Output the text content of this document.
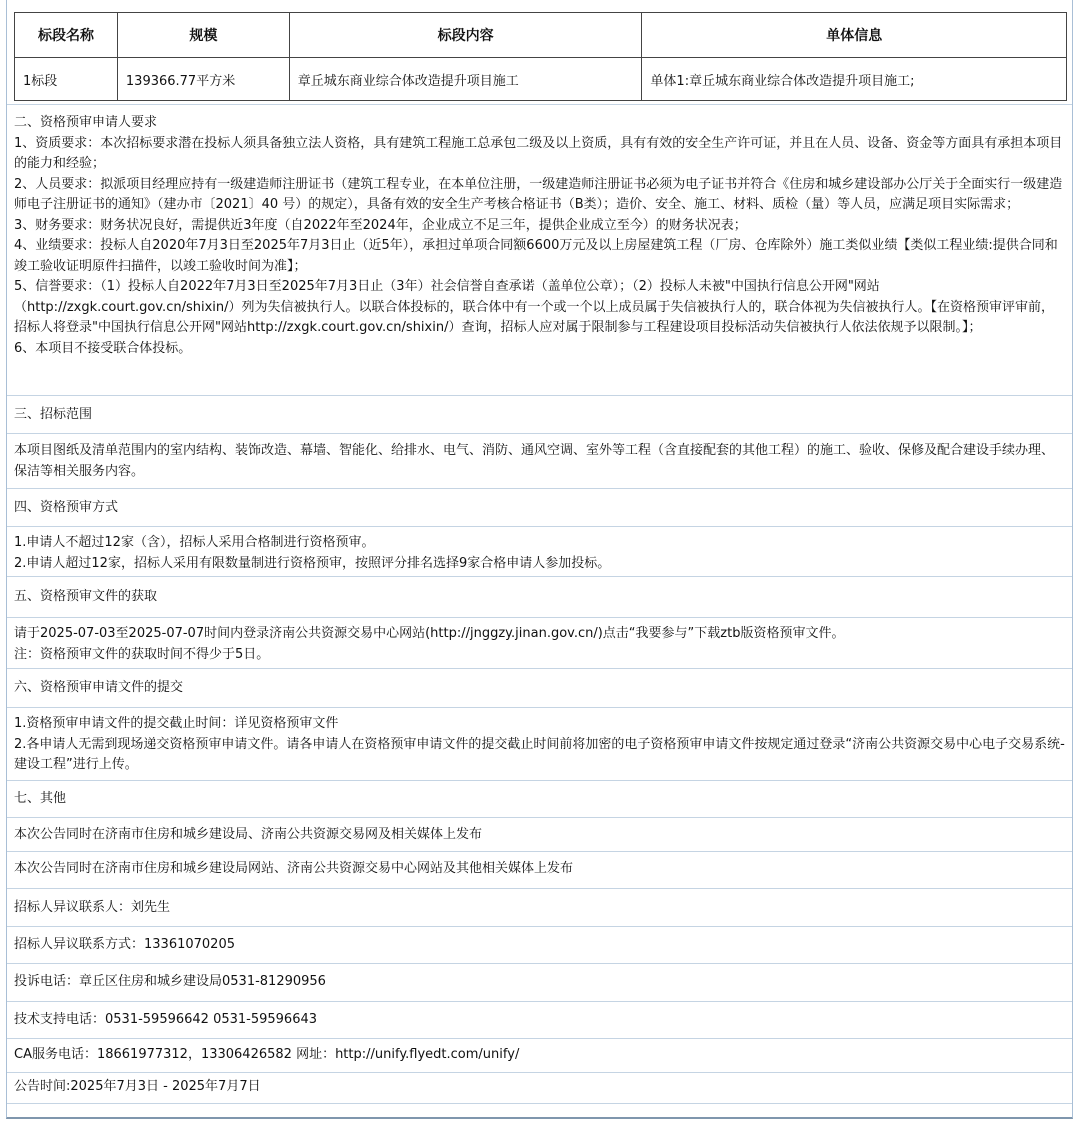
标段名称	规模	标段内容	单体信息
1标段	139366.77平方米	章丘城东商业综合体改造提升项目施工	单体1:章丘城东商业综合体改造提升项目施工;

二、资格预审申请人要求

1、资质要求：本次招标要求潜在投标人须具备独立法人资格，具有建筑工程施工总承包二级及以上资质，具有有效的安全生产许可证，并且在人员、设备、资金等方面具有承担本项目的能力和经验；

2、人员要求：拟派项目经理应持有一级建造师注册证书（建筑工程专业，在本单位注册，一级建造师注册证书必须为电子证书并符合《住房和城乡建设部办公厅关于全面实行一级建造师电子注册证书的通知》（建办市〔2021〕40 号）的规定），具备有效的安全生产考核合格证书（B类）；造价、安全、施工、材料、质检（量）等人员，应满足项目实际需求；

3、财务要求：财务状况良好，需提供近3年度（自2022年至2024年，企业成立不足三年，提供企业成立至今）的财务状况表；

4、业绩要求：投标人自2020年7月3日至2025年7月3日止（近5年），承担过单项合同额6600万元及以上房屋建筑工程（厂房、仓库除外）施工类似业绩【类似工程业绩:提供合同和竣工验收证明原件扫描件，以竣工验收时间为准】；

5、信誉要求：（1）投标人自2022年7月3日至2025年7月3日止（3年）社会信誉自查承诺（盖单位公章）；（2）投标人未被"中国执行信息公开网"网站（http://zxgk.court.gov.cn/shixin/）列为失信被执行人。以联合体投标的，联合体中有一个或一个以上成员属于失信被执行人的，联合体视为失信被执行人。【在资格预审评审前，招标人将登录"中国执行信息公开网"网站http://zxgk.court.gov.cn/shixin/）查询，招标人应对属于限制参与工程建设项目投标活动失信被执行人依法依规予以限制。】；

6、本项目不接受联合体投标。

三、招标范围

本项目图纸及清单范围内的室内结构、装饰改造、幕墙、智能化、给排水、电气、消防、通风空调、室外等工程（含直接配套的其他工程）的施工、验收、保修及配合建设手续办理、保洁等相关服务内容。

四、资格预审方式

1.申请人不超过12家（含），招标人采用合格制进行资格预审。

2.申请人超过12家，招标人采用有限数量制进行资格预审，按照评分排名选择9家合格申请人参加投标。

五、资格预审文件的获取

请于2025-07-03至2025-07-07时间内登录济南公共资源交易中心网站(http://jnggzy.jinan.gov.cn/)点击“我要参与”下载ztb版资格预审文件。

注：资格预审文件的获取时间不得少于5日。

六、资格预审申请文件的提交

1.资格预审申请文件的提交截止时间：详见资格预审文件

2.各申请人无需到现场递交资格预审申请文件。请各申请人在资格预审申请文件的提交截止时间前将加密的电子资格预审申请文件按规定通过登录“济南公共资源交易中心电子交易系统-建设工程”进行上传。

七、其他

本次公告同时在济南市住房和城乡建设局、济南公共资源交易网及相关媒体上发布

本次公告同时在济南市住房和城乡建设局网站、济南公共资源交易中心网站及其他相关媒体上发布

招标人异议联系人：刘先生

招标人异议联系方式：13361070205

投诉电话：章丘区住房和城乡建设局0531-81290956

技术支持电话：0531-59596642 0531-59596643

CA服务电话：18661977312，13306426582 网址：http://unify.flyedt.com/unify/

公告时间:2025年7月3日 - 2025年7月7日
